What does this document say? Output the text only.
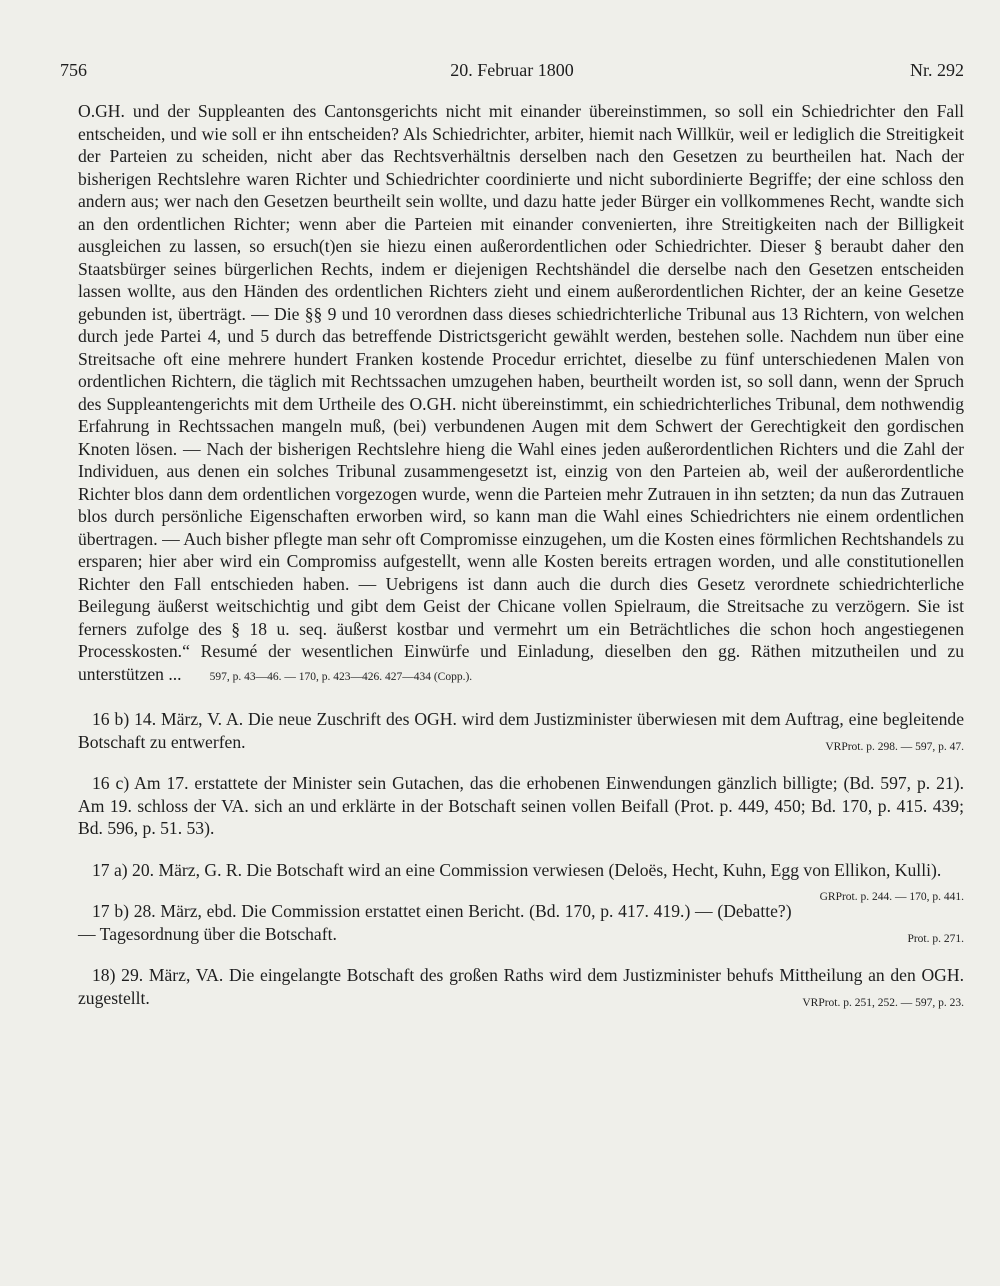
756	20. Februar 1800	Nr. 292

O.GH. und der Suppleanten des Cantonsgerichts nicht mit einander übereinstimmen, so soll ein Schiedrichter den Fall entscheiden, und wie soll er ihn entscheiden? Als Schiedrichter, arbiter, hiemit nach Willkür, weil er lediglich die Streitigkeit der Parteien zu scheiden, nicht aber das Rechtsverhältnis derselben nach den Gesetzen zu beurtheilen hat. Nach der bisherigen Rechtslehre waren Richter und Schiedrichter coordinierte und nicht subordinierte Begriffe; der eine schloss den andern aus; wer nach den Gesetzen beurtheilt sein wollte, und dazu hatte jeder Bürger ein vollkommenes Recht, wandte sich an den ordentlichen Richter; wenn aber die Parteien mit einander convenierten, ihre Streitigkeiten nach der Billigkeit ausgleichen zu lassen, so ersuch(t)en sie hiezu einen außerordentlichen oder Schiedrichter. Dieser § beraubt daher den Staatsbürger seines bürgerlichen Rechts, indem er diejenigen Rechtshändel die derselbe nach den Gesetzen entscheiden lassen wollte, aus den Händen des ordentlichen Richters zieht und einem außerordentlichen Richter, der an keine Gesetze gebunden ist, überträgt. — Die §§ 9 und 10 verordnen dass dieses schiedrichterliche Tribunal aus 13 Richtern, von welchen durch jede Partei 4, und 5 durch das betreffende Districtsgericht gewählt werden, bestehen solle. Nachdem nun über eine Streitsache oft eine mehrere hundert Franken kostende Procedur errichtet, dieselbe zu fünf unterschiedenen Malen von ordentlichen Richtern, die täglich mit Rechtssachen umzugehen haben, beurtheilt worden ist, so soll dann, wenn der Spruch des Suppleantengerichts mit dem Urtheile des O.GH. nicht übereinstimmt, ein schiedrichterliches Tribunal, dem nothwendig Erfahrung in Rechtssachen mangeln muß, (bei) verbundenen Augen mit dem Schwert der Gerechtigkeit den gordischen Knoten lösen. — Nach der bisherigen Rechtslehre hieng die Wahl eines jeden außerordentlichen Richters und die Zahl der Individuen, aus denen ein solches Tribunal zusammengesetzt ist, einzig von den Parteien ab, weil der außerordentliche Richter blos dann dem ordentlichen vorgezogen wurde, wenn die Parteien mehr Zutrauen in ihn setzten; da nun das Zutrauen blos durch persönliche Eigenschaften erworben wird, so kann man die Wahl eines Schiedrichters nie einem ordentlichen übertragen. — Auch bisher pflegte man sehr oft Compromisse einzugehen, um die Kosten eines förmlichen Rechtshandels zu ersparen; hier aber wird ein Compromiss aufgestellt, wenn alle Kosten bereits ertragen worden, und alle constitutionellen Richter den Fall entschieden haben. — Uebrigens ist dann auch die durch dies Gesetz verordnete schiedrichterliche Beilegung äußerst weitschichtig und gibt dem Geist der Chicane vollen Spielraum, die Streitsache zu verzögern. Sie ist ferners zufolge des § 18 u. seq. äußerst kostbar und vermehrt um ein Beträchtliches die schon hoch angestiegenen Processkosten.“ Resumé der wesentlichen Einwürfe und Einladung, dieselben den gg. Räthen mitzutheilen und zu unterstützen ... 597, p. 43—46. — 170, p. 423—426. 427—434 (Copp.).

16 b) 14. März, V. A. Die neue Zuschrift des OGH. wird dem Justizminister überwiesen mit dem Auftrag, eine begleitende Botschaft zu entwerfen.	VRProt. p. 298. — 597, p. 47.

16 c) Am 17. erstattete der Minister sein Gutachen, das die erhobenen Einwendungen gänzlich billigte; (Bd. 597, p. 21). Am 19. schloss der VA. sich an und erklärte in der Botschaft seinen vollen Beifall (Prot. p. 449, 450; Bd. 170, p. 415. 439; Bd. 596, p. 51. 53).

17 a) 20. März, G. R. Die Botschaft wird an eine Commission verwiesen (Deloës, Hecht, Kuhn, Egg von Ellikon, Kulli).
GRProt. p. 244. — 170, p. 441.

17 b) 28. März, ebd. Die Commission erstattet einen Bericht. (Bd. 170, p. 417. 419.) — (Debatte?) — Tagesordnung über die Botschaft.	Prot. p. 271.

18) 29. März, VA. Die eingelangte Botschaft des großen Raths wird dem Justizminister behufs Mittheilung an den OGH. zugestellt.	VRProt. p. 251, 252. — 597, p. 23.
